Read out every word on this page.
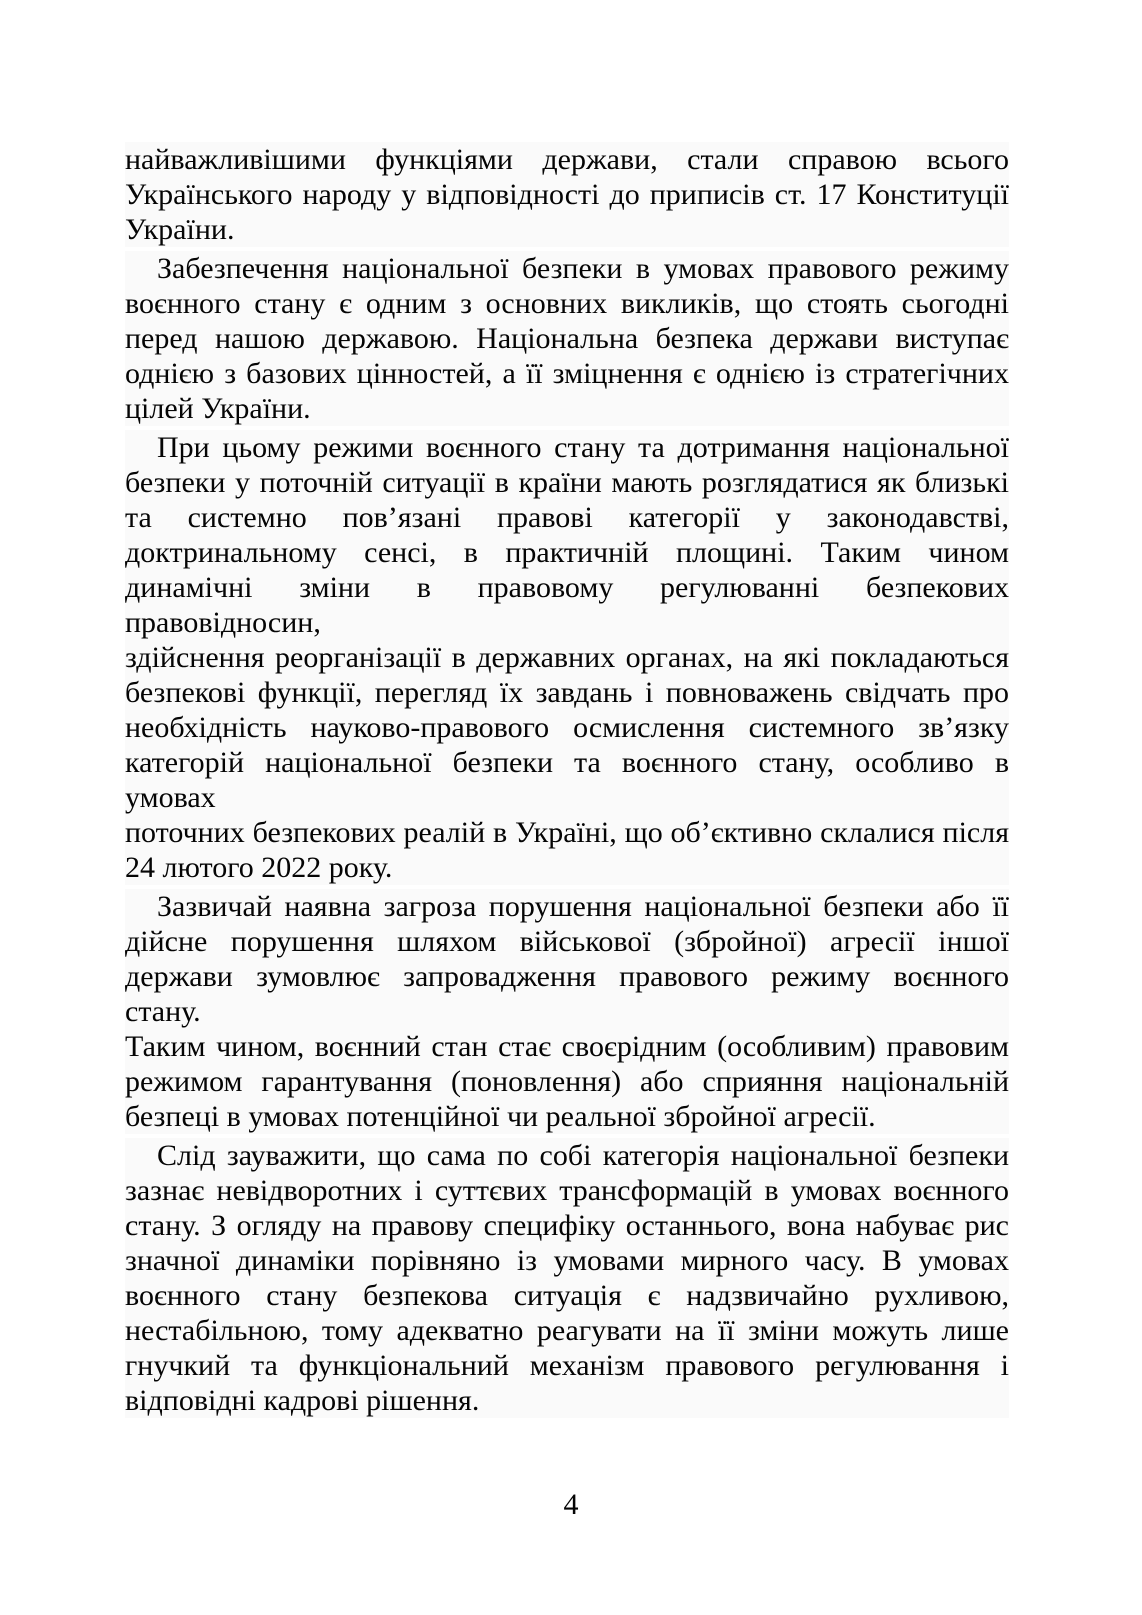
найважливішими функціями держави, стали справою всього
Українського народу у відповідності до приписів ст. 17 Конституції
України.
Забезпечення національної безпеки в умовах правового режиму
воєнного стану є одним з основних викликів, що стоять сьогодні
перед нашою державою. Національна безпека держави виступає
однією з базових цінностей, а її зміцнення є однією із стратегічних
цілей України.
При цьому режими воєнного стану та дотримання національної
безпеки у поточній ситуації в країни мають розглядатися як близькі
та системно пов’язані правові категорії у законодавстві,
доктринальному сенсі, в практичній площині. Таким чином
динамічні зміни в правовому регулюванні безпекових правовідносин,
здійснення реорганізації в державних органах, на які покладаються
безпекові функції, перегляд їх завдань і повноважень свідчать про
необхідність науково-правового осмислення системного зв’язку
категорій національної безпеки та воєнного стану, особливо в умовах
поточних безпекових реалій в Україні, що об’єктивно склалися після
24 лютого 2022 року.
Зазвичай наявна загроза порушення національної безпеки або її
дійсне порушення шляхом військової (збройної) агресії іншої
держави зумовлює запровадження правового режиму воєнного стану.
Таким чином, воєнний стан стає своєрідним (особливим) правовим
режимом гарантування (поновлення) або сприяння національній
безпеці в умовах потенційної чи реальної збройної агресії.
Слід зауважити, що сама по собі категорія національної безпеки
зазнає невідворотних і суттєвих трансформацій в умовах воєнного
стану. З огляду на правову специфіку останнього, вона набуває рис
значної динаміки порівняно із умовами мирного часу. В умовах
воєнного стану безпекова ситуація є надзвичайно рухливою,
нестабільною, тому адекватно реагувати на її зміни можуть лише
гнучкий та функціональний механізм правового регулювання і
відповідні кадрові рішення.
4
